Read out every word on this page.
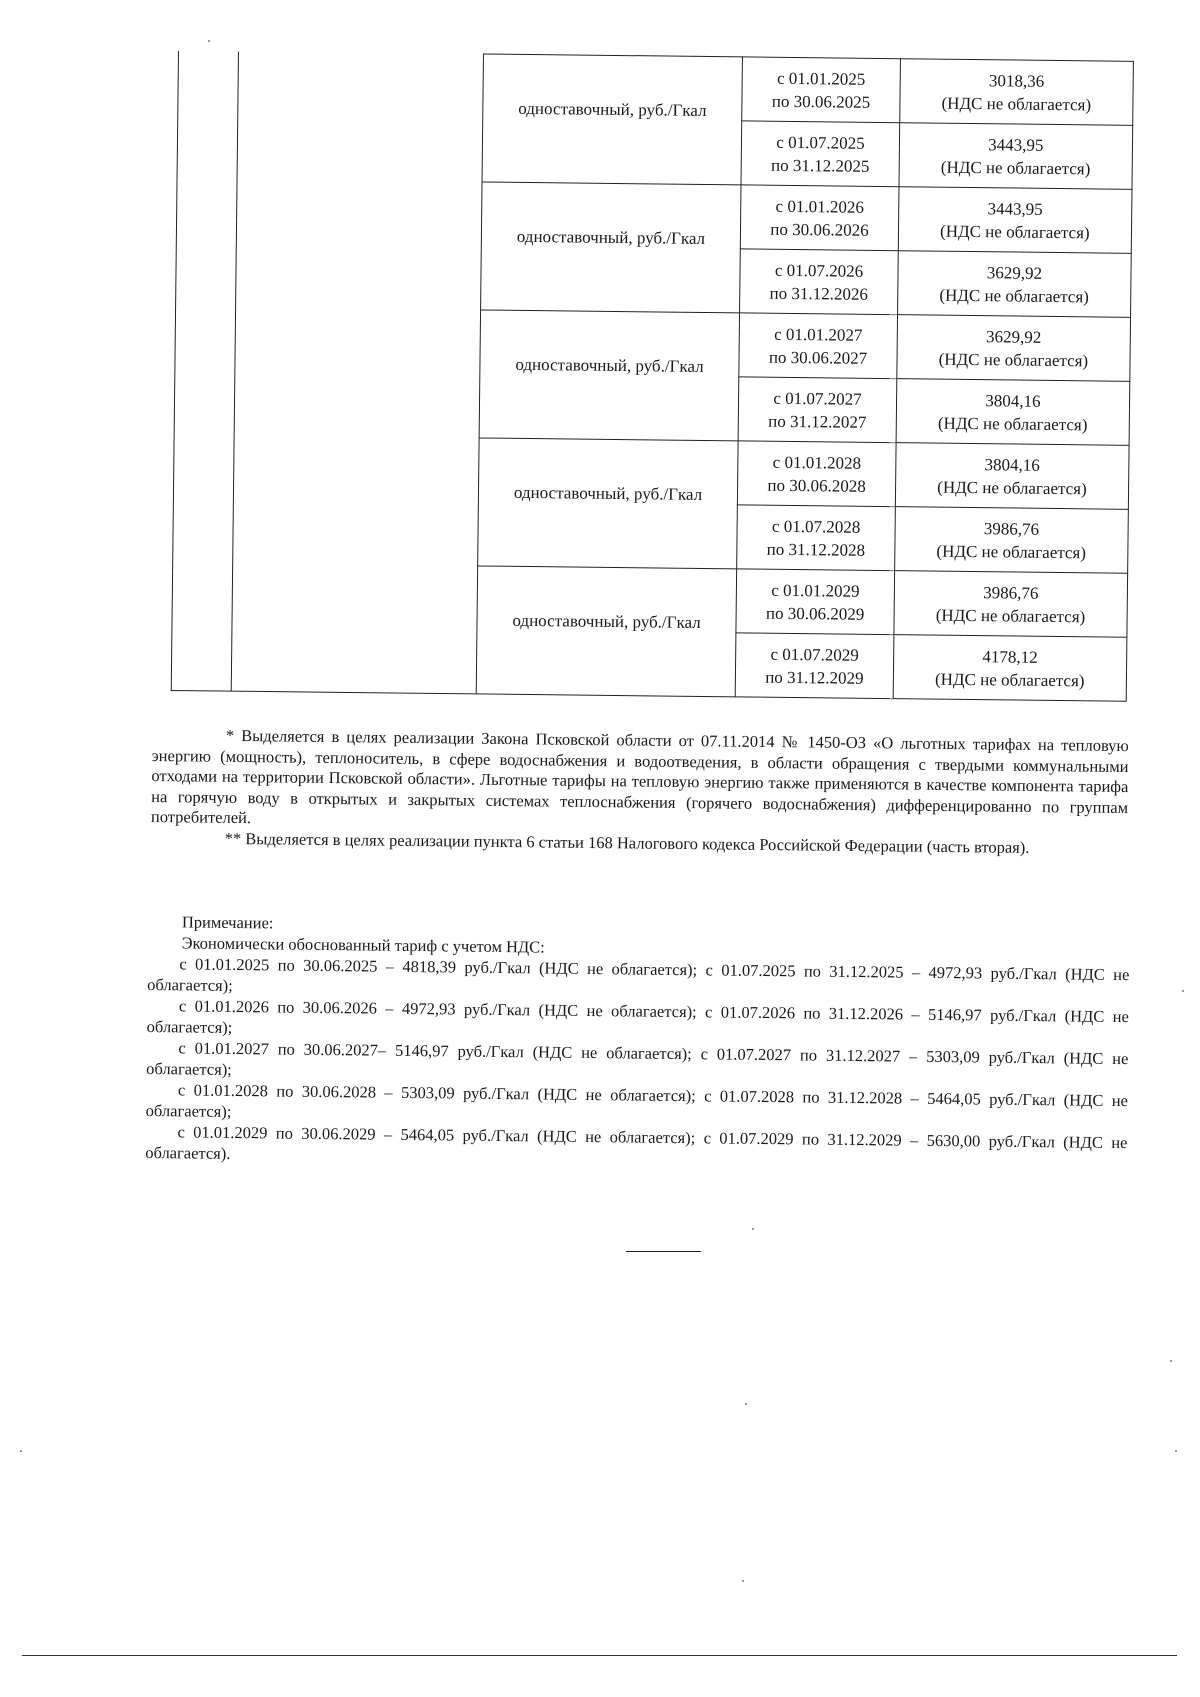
		одноставочный, руб./Гкал	с 01.01.2025
по 30.06.2025	3018,36
(НДС не облагается)

			с 01.07.2025
по 31.12.2025	3443,95
(НДС не облагается)

		одноставочный, руб./Гкал	с 01.01.2026
по 30.06.2026	3443,95
(НДС не облагается)

			с 01.07.2026
по 31.12.2026	3629,92
(НДС не облагается)

		одноставочный, руб./Гкал	с 01.01.2027
по 30.06.2027	3629,92
(НДС не облагается)

			с 01.07.2027
по 31.12.2027	3804,16
(НДС не облагается)

		одноставочный, руб./Гкал	с 01.01.2028
по 30.06.2028	3804,16
(НДС не облагается)

			с 01.07.2028
по 31.12.2028	3986,76
(НДС не облагается)

		одноставочный, руб./Гкал	с 01.01.2029
по 30.06.2029	3986,76
(НДС не облагается)

			с 01.07.2029
по 31.12.2029	4178,12
(НДС не облагается)

* Выделяется в целях реализации Закона Псковской области от 07.11.2014 № 1450-ОЗ «О льготных тарифах на тепловую энергию (мощность), теплоноситель, в сфере водоснабжения и водоотведения, в области обращения с твердыми коммунальными отходами на территории Псковской области». Льготные тарифы на тепловую энергию также применяются в качестве компонента тарифа на горячую воду в открытых и закрытых системах теплоснабжения (горячего водоснабжения) дифференцированно по группам потребителей.

** Выделяется в целях реализации пункта 6 статьи 168 Налогового кодекса Российской Федерации (часть вторая).

Примечание:

Экономически обоснованный тариф с учетом НДС:

с 01.01.2025 по 30.06.2025 – 4818,39 руб./Гкал (НДС не облагается); с 01.07.2025 по 31.12.2025 – 4972,93 руб./Гкал (НДС не облагается);

с 01.01.2026 по 30.06.2026 – 4972,93 руб./Гкал (НДС не облагается); с 01.07.2026 по 31.12.2026 – 5146,97 руб./Гкал (НДС не облагается);

с 01.01.2027 по 30.06.2027– 5146,97 руб./Гкал (НДС не облагается); с 01.07.2027 по 31.12.2027 – 5303,09 руб./Гкал (НДС не облагается);

с 01.01.2028 по 30.06.2028 – 5303,09 руб./Гкал (НДС не облагается); с 01.07.2028 по 31.12.2028 – 5464,05 руб./Гкал (НДС не облагается);

с 01.01.2029 по 30.06.2029 – 5464,05 руб./Гкал (НДС не облагается); с 01.07.2029 по 31.12.2029 – 5630,00 руб./Гкал (НДС не облагается).
